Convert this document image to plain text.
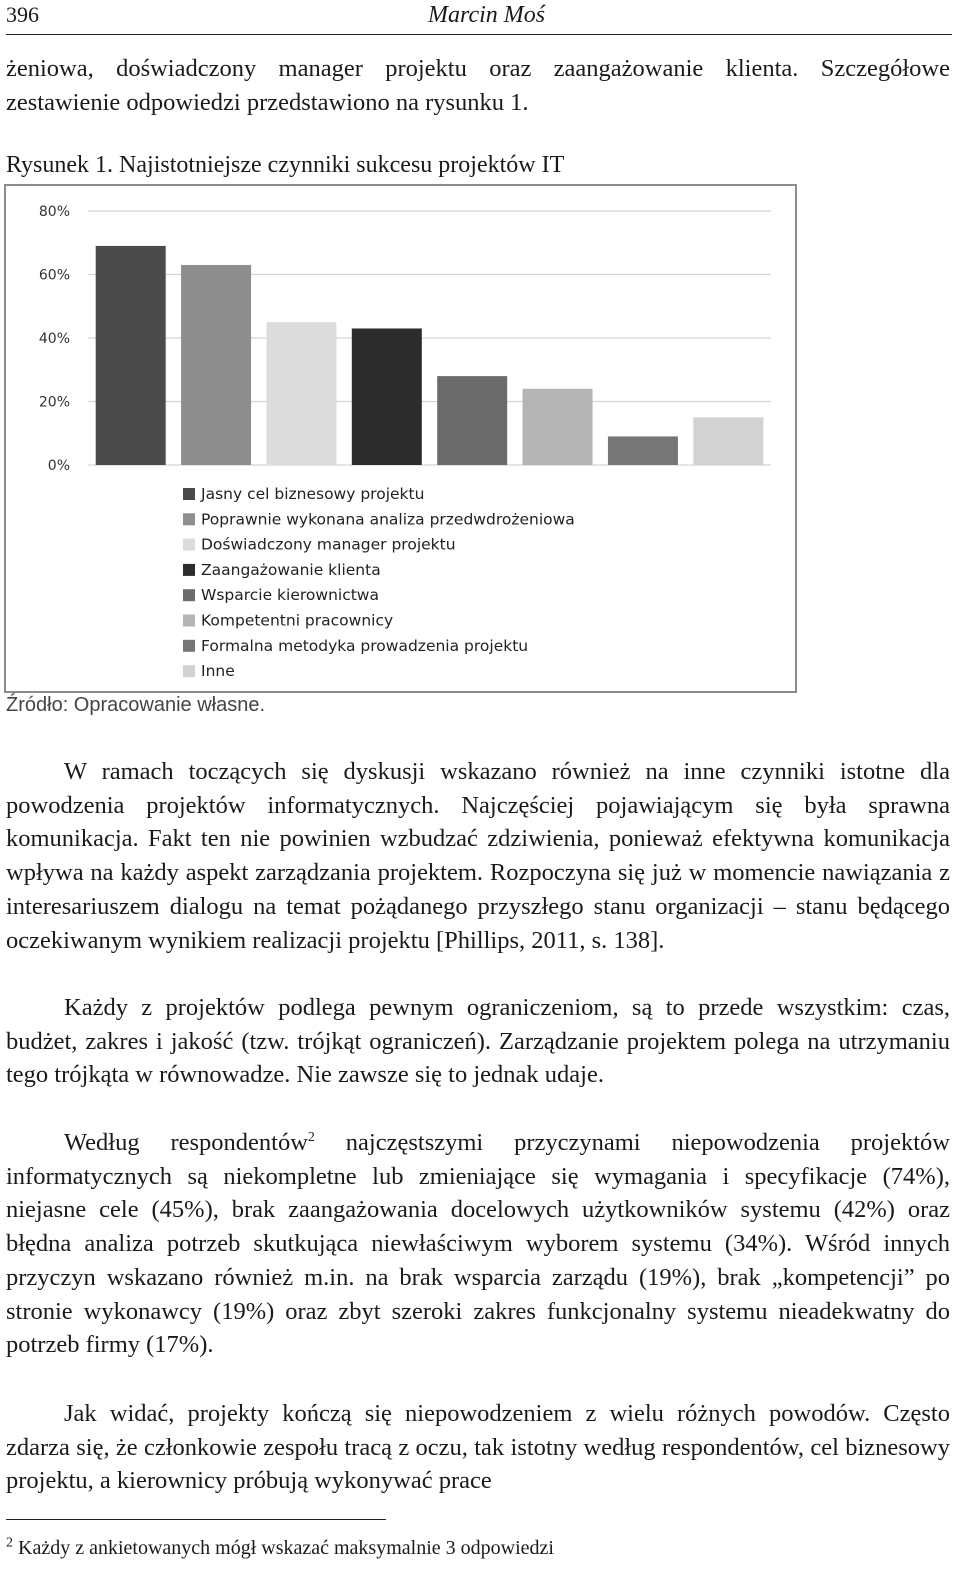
396	Marcin Moś

żeniowa, doświadczony manager projektu oraz zaangażowanie klienta. Szczegółowe zestawienie odpowiedzi przedstawiono na rysunku 1.

Rysunek 1. Najistotniejsze czynniki sukcesu projektów IT
0%
20%
40%
60%
80%
Jasny cel biznesowy projektu
Poprawnie wykonana analiza przedwdrożeniowa
Doświadczony manager projektu
Zaangażowanie klienta
Wsparcie kierownictwa
Kompetentni pracownicy
Formalna metodyka prowadzenia projektu
Inne
Źródło: Opracowanie własne.

W ramach toczących się dyskusji wskazano również na inne czynniki istotne dla powodzenia projektów informatycznych. Najczęściej pojawiającym się była sprawna komunikacja. Fakt ten nie powinien wzbudzać zdziwienia, ponieważ efektywna komunikacja wpływa na każdy aspekt zarządzania projektem. Rozpoczyna się już w momencie nawiązania z interesariuszem dialogu na temat pożądanego przyszłego stanu organizacji – stanu będącego oczekiwanym wynikiem realizacji projektu [Phillips, 2011, s. 138].

Każdy z projektów podlega pewnym ograniczeniom, są to przede wszystkim: czas, budżet, zakres i jakość (tzw. trójkąt ograniczeń). Zarządzanie projektem polega na utrzymaniu tego trójkąta w równowadze. Nie zawsze się to jednak udaje.

Według respondentów$^2$ najczęstszymi przyczynami niepowodzenia projektów informatycznych są niekompletne lub zmieniające się wymagania i specyfikacje (74%), niejasne cele (45%), brak zaangażowania docelowych użytkowników systemu (42%) oraz błędna analiza potrzeb skutkująca niewłaściwym wyborem systemu (34%). Wśród innych przyczyn wskazano również m.in. na brak wsparcia zarządu (19%), brak „kompetencji” po stronie wykonawcy (19%) oraz zbyt szeroki zakres funkcjonalny systemu nieadekwatny do potrzeb firmy (17%).

Jak widać, projekty kończą się niepowodzeniem z wielu różnych powodów. Często zdarza się, że członkowie zespołu tracą z oczu, tak istotny według respondentów, cel biznesowy projektu, a kierownicy próbują wykonywać prace

$^2$ Każdy z ankietowanych mógł wskazać maksymalnie 3 odpowiedzi
